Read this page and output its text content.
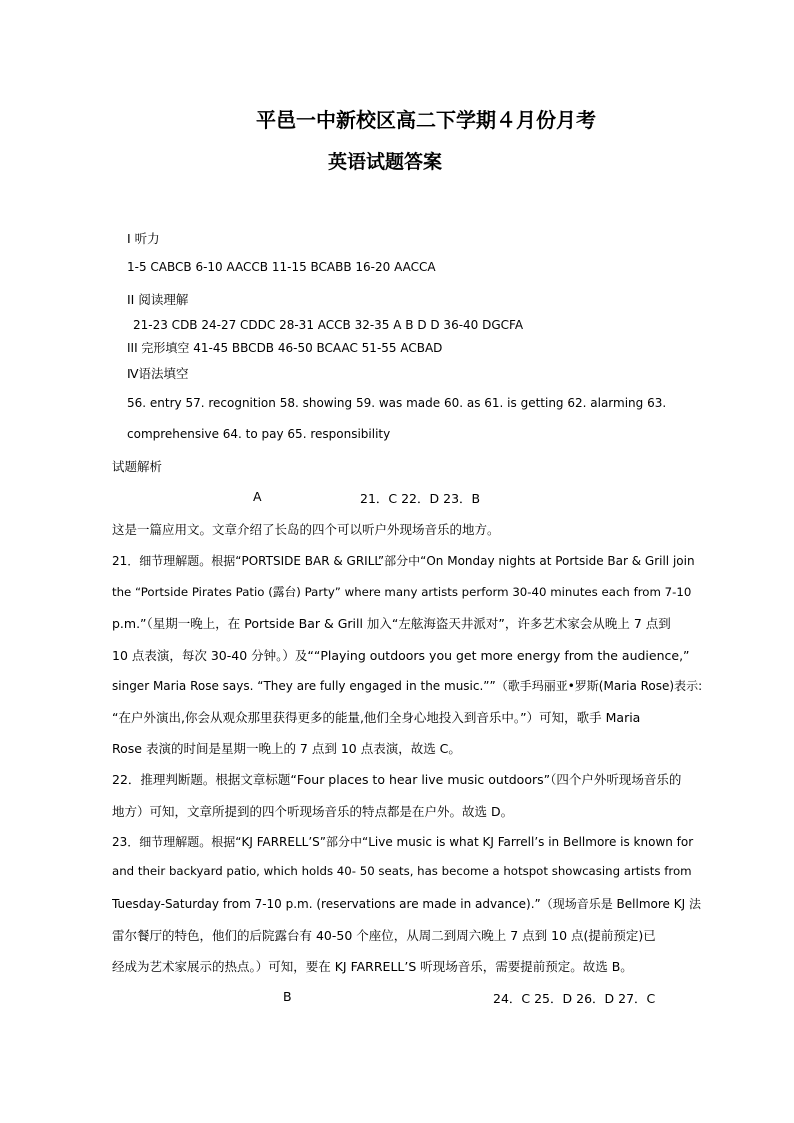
平邑一中新校区高二下学期４月份月考
英语试题答案
I 听力
1-5 CABCB 6-10 AACCB 11-15 BCABB 16-20 AACCA
II 阅读理解
21-23 CDB 24-27 CDDC 28-31 ACCB 32-35 A B D D 36-40 DGCFA
III 完形填空 41-45 BBCDB 46-50 BCAAC 51-55 ACBAD
Ⅳ语法填空
56. entry 57. recognition 58. showing 59. was made 60. as 61. is getting 62. alarming 63.
comprehensive 64. to pay 65. responsibility
试题解析
A	21．C 22．D 23．B
这是一篇应用文。文章介绍了长岛的四个可以听户外现场音乐的地方。
21．细节理解题。根据“PORTSIDE BAR & GRILL”部分中“On Monday nights at Portside Bar & Grill join
the “Portside Pirates Patio (露台) Party” where many artists perform 30-40 minutes each from 7-10
p.m.”（星期一晚上，在 Portside Bar & Grill 加入“左舷海盗天井派对”，许多艺术家会从晚上 7 点到
10 点表演，每次 30-40 分钟。）及““Playing outdoors you get more energy from the audience,”
singer Maria Rose says. “They are fully engaged in the music.””（歌手玛丽亚•罗斯(Maria Rose)表示:
“在户外演出,你会从观众那里获得更多的能量,他们全身心地投入到音乐中。”）可知，歌手 Maria
Rose 表演的时间是星期一晚上的 7 点到 10 点表演，故选 C。
22．推理判断题。根据文章标题“Four places to hear live music outdoors”（四个户外听现场音乐的
地方）可知，文章所提到的四个听现场音乐的特点都是在户外。故选 D。
23．细节理解题。根据“KJ FARRELL’S”部分中“Live music is what KJ Farrell’s in Bellmore is known for
and their backyard patio, which holds 40- 50 seats, has become a hotspot showcasing artists from
Tuesday-Saturday from 7-10 p.m. (reservations are made in advance).”（现场音乐是 Bellmore KJ 法
雷尔餐厅的特色，他们的后院露台有 40-50 个座位，从周二到周六晚上 7 点到 10 点(提前预定)已
经成为艺术家展示的热点。）可知，要在 KJ FARRELL’S 听现场音乐，需要提前预定。故选 B。
B	24．C 25．D 26．D 27．C
